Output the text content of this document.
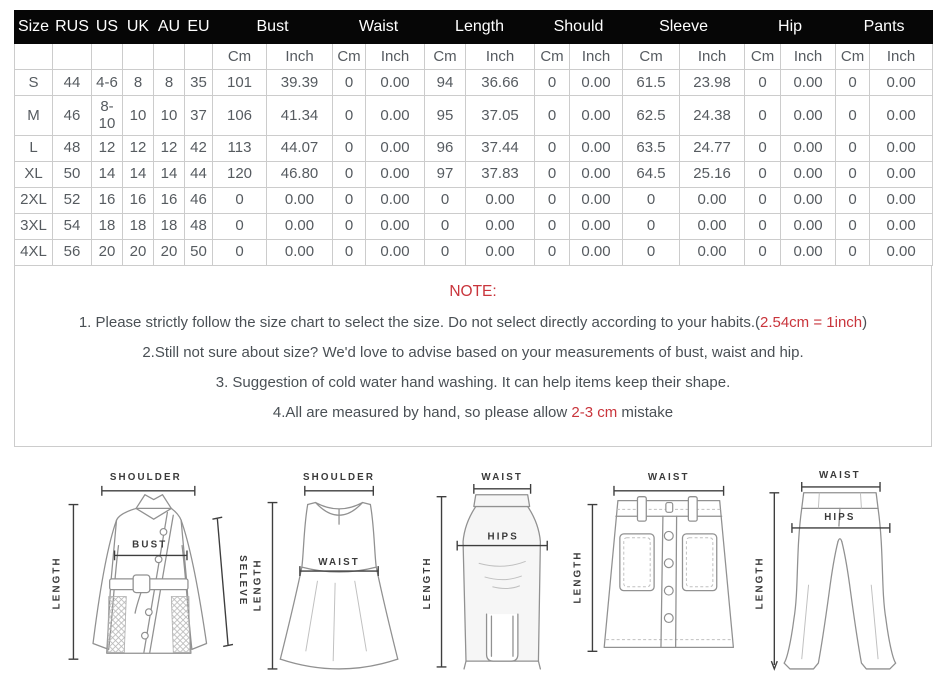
Size	RUS	US	UK	AU	EU	Bust		Waist		Length		Should		Sleeve		Hip		Pants	
						Cm	Inch	Cm	Inch	Cm	Inch	Cm	Inch	Cm	Inch	Cm	Inch	Cm	Inch
S	44	4-6	8	8	35	101	39.39	0	0.00	94	36.66	0	0.00	61.5	23.98	0	0.00	0	0.00
M	46	8-10	10	10	37	106	41.34	0	0.00	95	37.05	0	0.00	62.5	24.38	0	0.00	0	0.00
L	48	12	12	12	42	113	44.07	0	0.00	96	37.44	0	0.00	63.5	24.77	0	0.00	0	0.00
XL	50	14	14	14	44	120	46.80	0	0.00	97	37.83	0	0.00	64.5	25.16	0	0.00	0	0.00
2XL	52	16	16	16	46	0	0.00	0	0.00	0	0.00	0	0.00	0	0.00	0	0.00	0	0.00
3XL	54	18	18	18	48	0	0.00	0	0.00	0	0.00	0	0.00	0	0.00	0	0.00	0	0.00
4XL	56	20	20	20	50	0	0.00	0	0.00	0	0.00	0	0.00	0	0.00	0	0.00	0	0.00
NOTE:

1. Please strictly follow the size chart to select the size. Do not select directly according to your habits.(2.54cm = 1inch)

2.Still not sure about size? We'd love to advise based on your measurements of bust, waist and hip.

3. Suggestion of cold water hand washing. It can help items keep their shape.

4.All are measured by hand, so please allow 2-3 cm mistake

SHOULDER
LENGTH
BUST
SELEVE
SHOULDER
LENGTH	WAIST
WAIST
LENGTH
HIPS
WAIST
LENGTH
WAIST
HIPS
LENGTH
